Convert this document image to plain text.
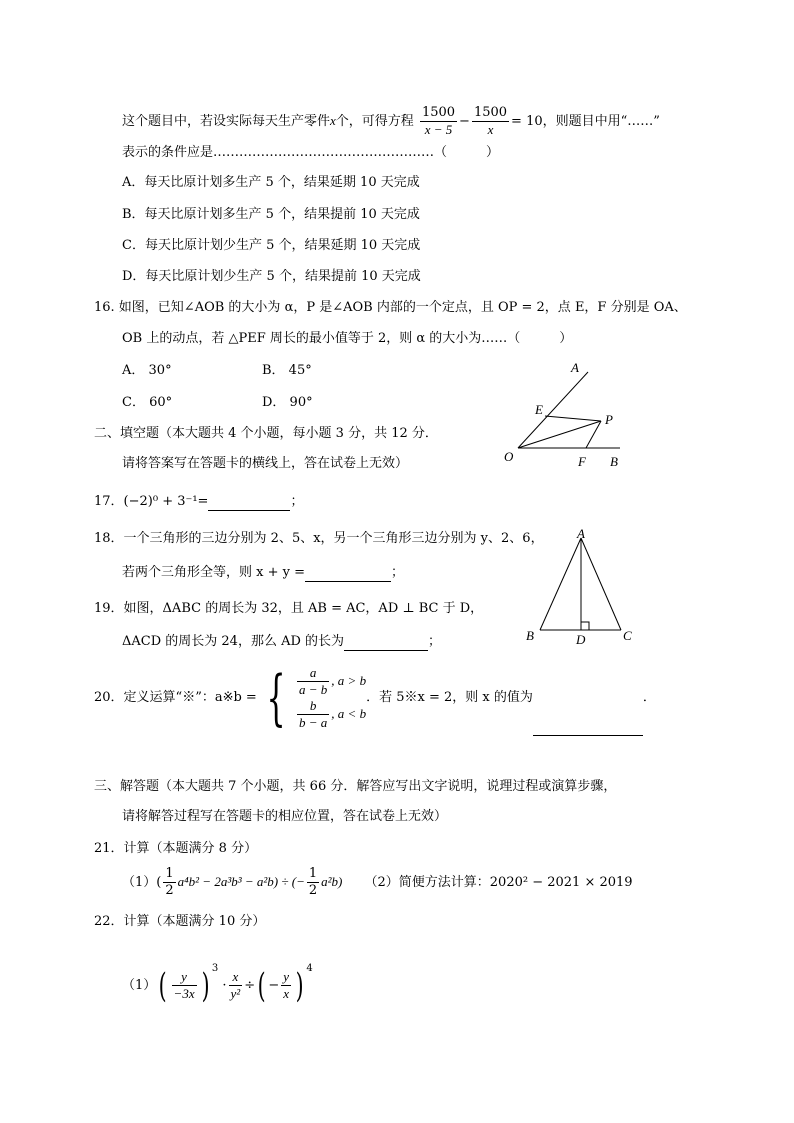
这个题目中，若设实际每天生产零件x个，可得方程 $\frac{1500}{x - 5} - \frac{1500}{x} = 10$，则题目中用“……”
表示的条件应是……………………………………………（　　　）
A．每天比原计划多生产 5 个，结果延期 10 天完成
B．每天比原计划多生产 5 个，结果提前 10 天完成
C．每天比原计划少生产 5 个，结果延期 10 天完成
D．每天比原计划少生产 5 个，结果提前 10 天完成
16. 如图，已知∠AOB 的大小为 α，P 是∠AOB 内部的一个定点，且 OP = 2，点 E，F 分别是 OA、
OB 上的动点，若 △PEF 周长的最小值等于 2，则 α 的大小为……（　　　）
A． 30°	B． 45°
C． 60°	D． 90°
A
E
P
O	F B
二、填空题（本大题共 4 个小题，每小题 3 分，共 12 分．
请将答案写在答题卡的横线上，答在试卷上无效）
17．(−2)⁰ + 3⁻¹=	；
18．一个三角形的三边分别为 2、5、x，另一个三角形三边分别为 y、2、6，
若两个三角形全等，则 x + y =	；
A
B	D	C
19．如图，ΔABC 的周长为 32，且 AB = AC，AD ⊥ BC 于 D，
ΔACD 的周长为 24，那么 AD 的长为	；
20．定义运算“※”：a※b = { $\frac{a}{a - b}$ , a > b
$\frac{b}{b - a}$ , a < b
．若 5※x = 2，则 x 的值为	．
三、解答题（本大题共 7 个小题，共 66 分．解答应写出文字说明，说理过程或演算步骤，
请将解答过程写在答题卡的相应位置，答在试卷上无效）
21．计算（本题满分 8 分）
$(1)( \frac{1}{2} a^4b^2 - 2a^3b^3 - a^2b)$ ÷ (− $\frac{1}{2} a^2b$) （2）简便方法计算：2020² − 2021 × 2019
22．计算（本题满分 10 分）
$(1)( \frac{y}{-3x}$ ) $^3 \cdot \frac{x}{\text{y²}}$ ÷( − $\frac{y}{x}$ ) $^4$
